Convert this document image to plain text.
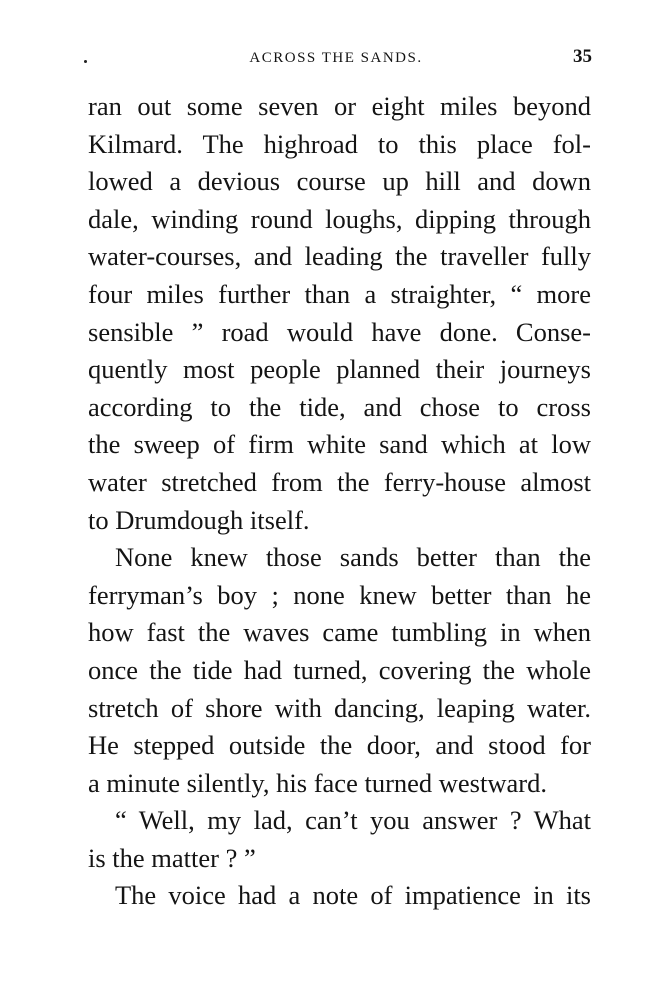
ACROSS THE SANDS.	35
ran out some seven or eight miles beyond
Kilmard. The highroad to this place fol-
lowed a devious course up hill and down
dale, winding round loughs, dipping through
water-courses, and leading the traveller fully
four miles further than a straighter, “ more
sensible ” road would have done. Conse-
quently most people planned their journeys
according to the tide, and chose to cross
the sweep of firm white sand which at low
water stretched from the ferry-house almost
to Drumdough itself.
None knew those sands better than the
ferryman’s boy ; none knew better than he
how fast the waves came tumbling in when
once the tide had turned, covering the whole
stretch of shore with dancing, leaping water.
He stepped outside the door, and stood for
a minute silently, his face turned westward.
“ Well, my lad, can’t you answer ? What
is the matter ? ”
The voice had a note of impatience in its
